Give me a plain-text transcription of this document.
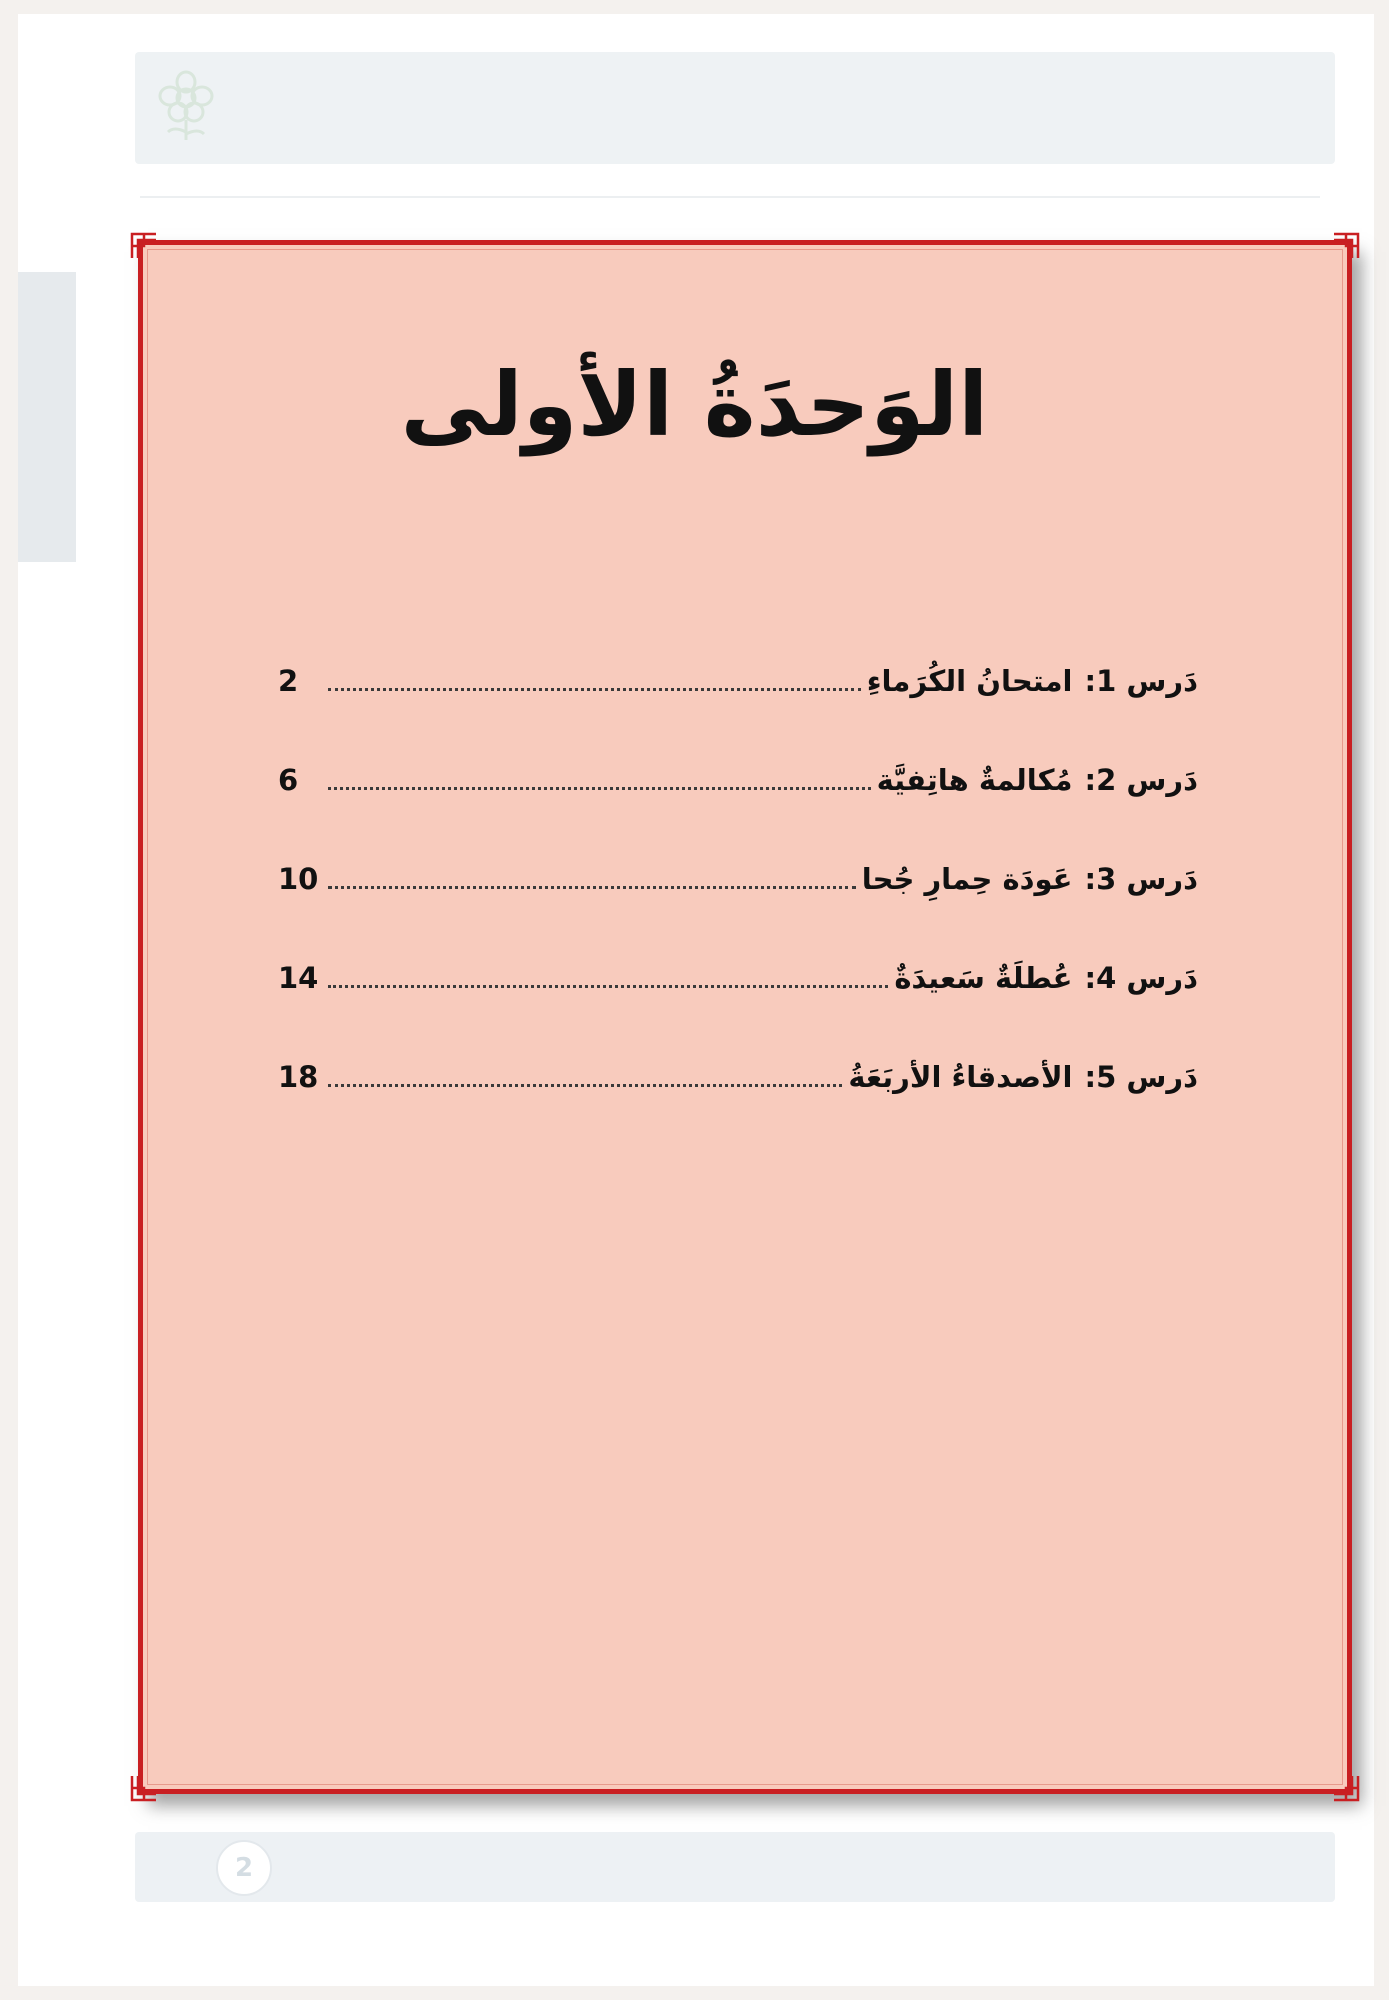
2
الوَحدَةُ الأولى
دَرس 1:
امتحانُ الكُرَماءِ
2
دَرس 2:
مُكالمةٌ هاتِفيَّة
6
دَرس 3:
عَودَة حِمارِ جُحا
10
دَرس 4:
عُطلَةٌ سَعيدَةٌ
14
دَرس 5:
الأصدقاءُ الأربَعَةُ
18
